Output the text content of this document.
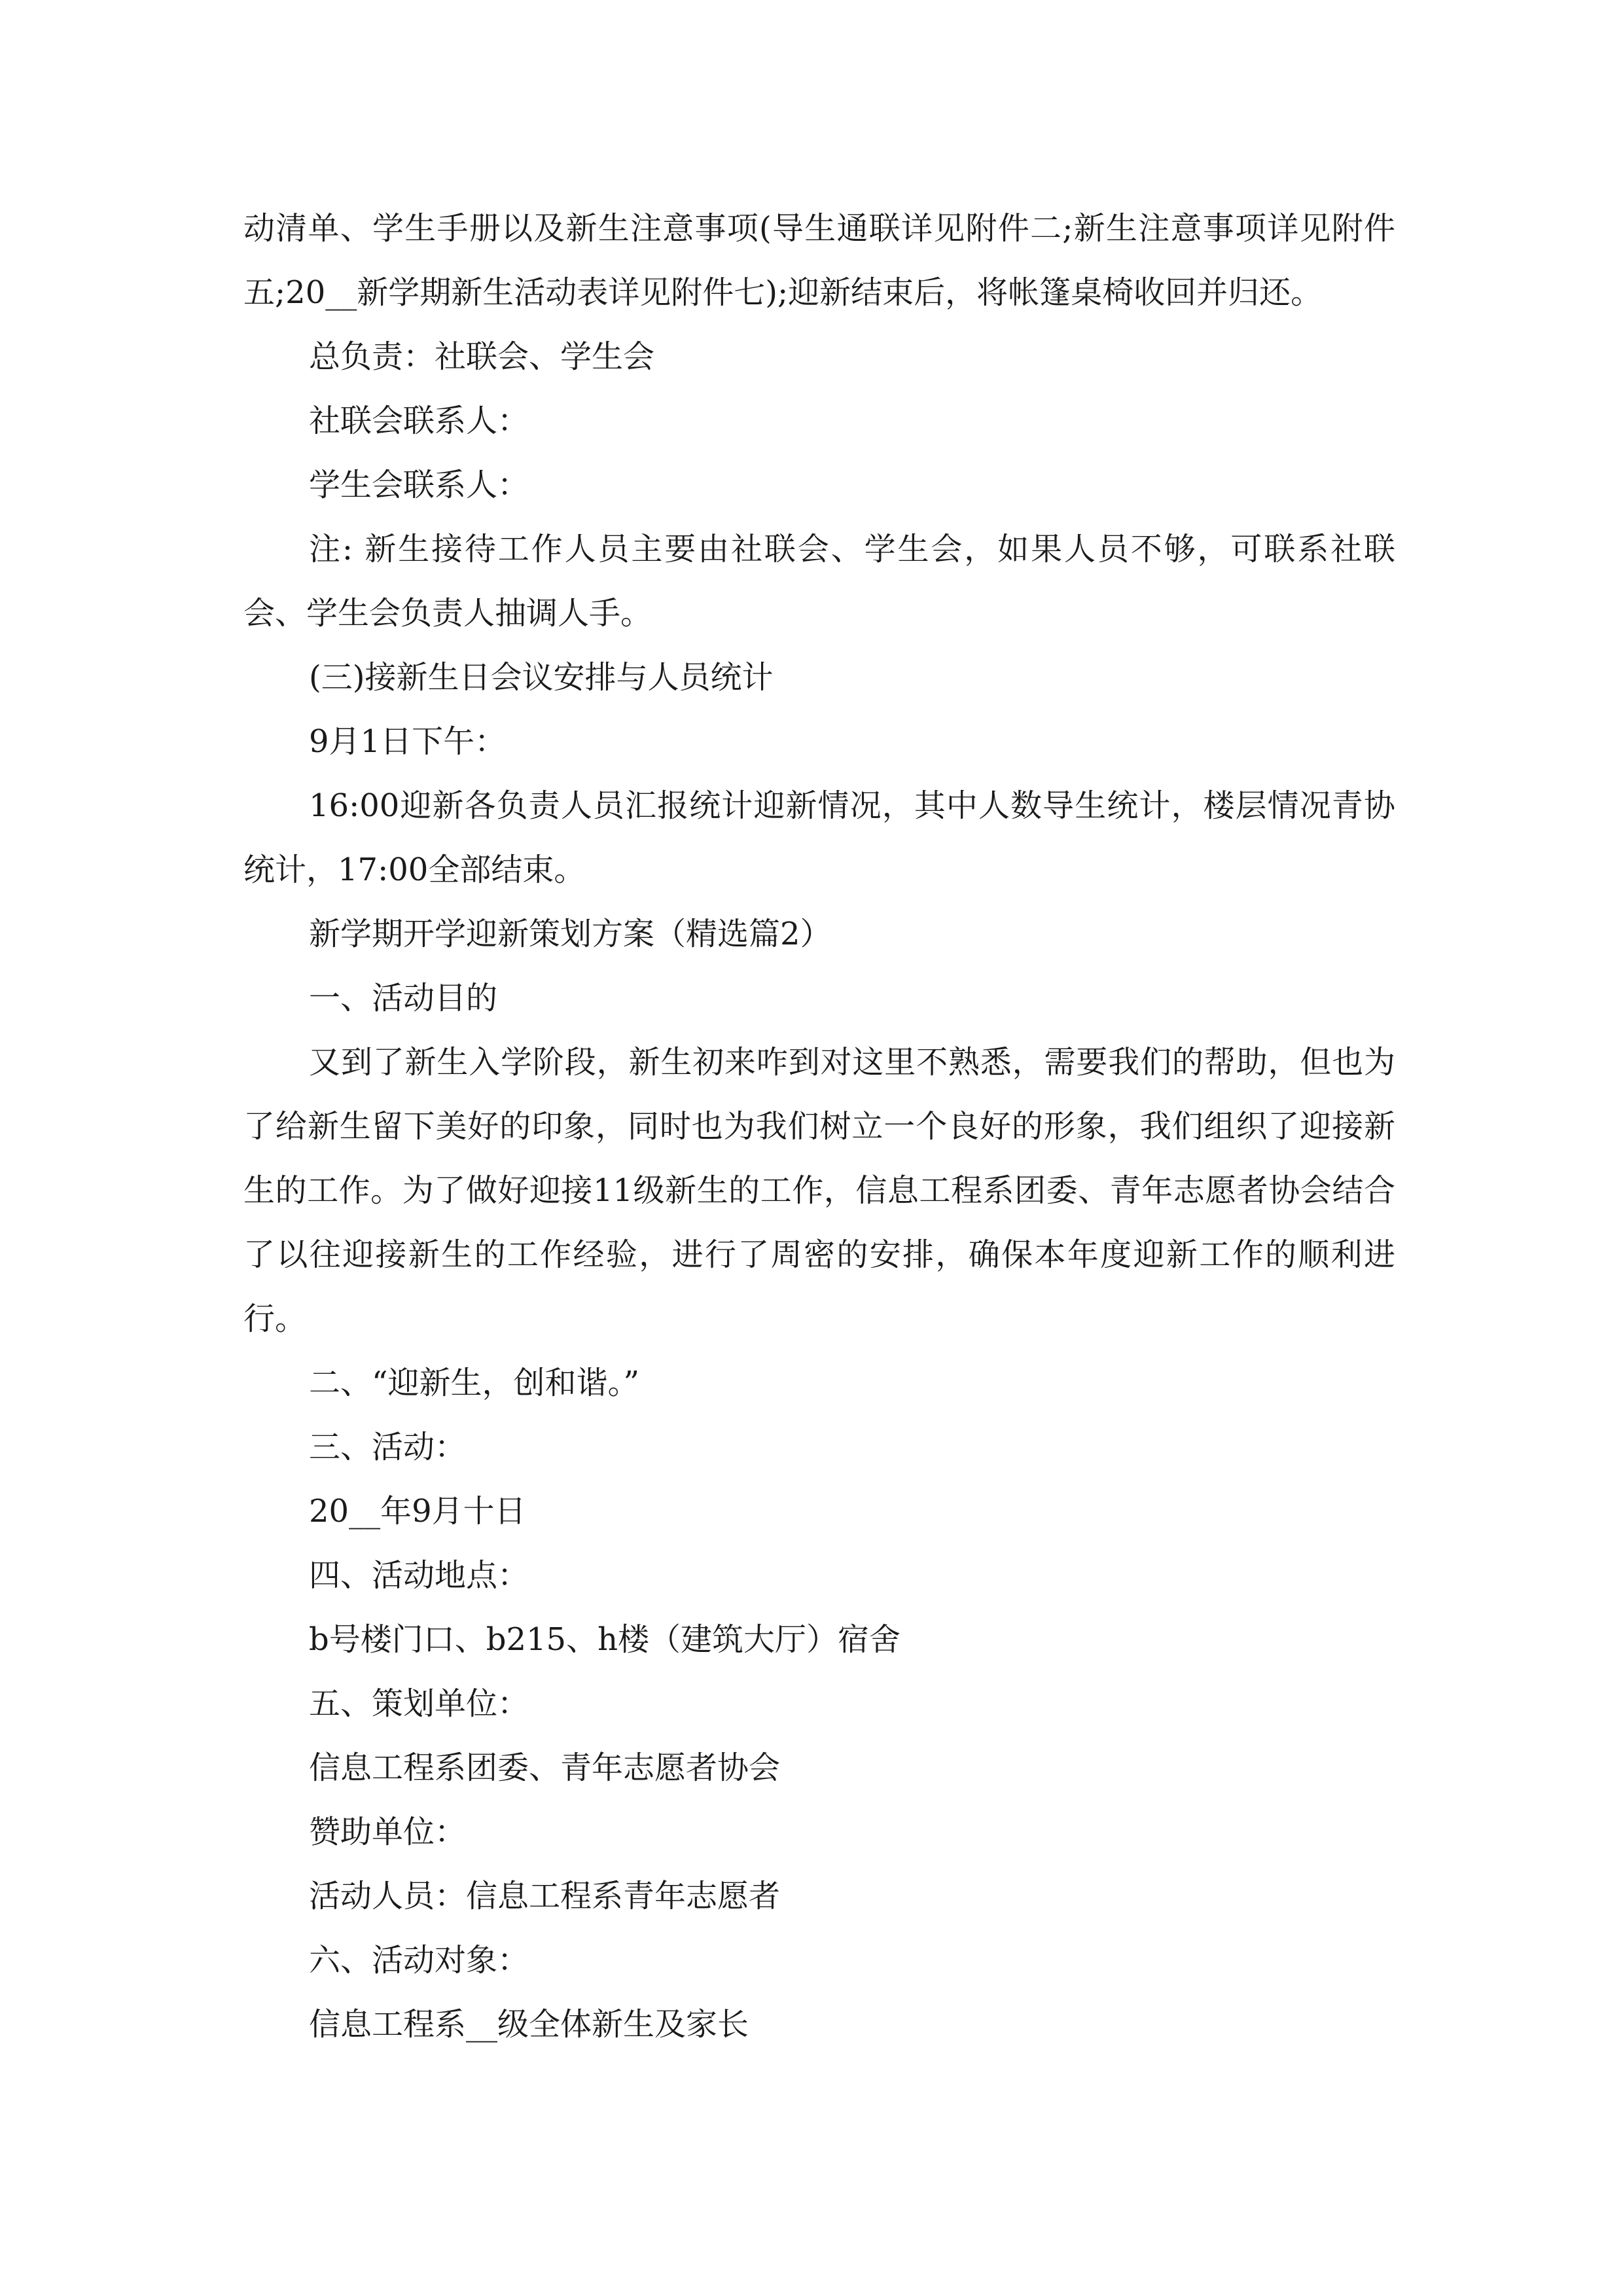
动清单、学生手册以及新生注意事项(导生通联详见附件二;新生注意事项详见附件五;20__新学期新生活动表详见附件七);迎新结束后，将帐篷桌椅收回并归还。

总负责：社联会、学生会

社联会联系人：

学生会联系人：

注: 新生接待工作人员主要由社联会、学生会，如果人员不够，可联系社联会、学生会负责人抽调人手。

(三)接新生日会议安排与人员统计

9月1日下午：

16:00迎新各负责人员汇报统计迎新情况，其中人数导生统计，楼层情况青协统计，17:00全部结束。

新学期开学迎新策划方案（精选篇2）

一、活动目的

又到了新生入学阶段，新生初来咋到对这里不熟悉，需要我们的帮助，但也为了给新生留下美好的印象，同时也为我们树立一个良好的形象，我们组织了迎接新生的工作。为了做好迎接11级新生的工作，信息工程系团委、青年志愿者协会结合了以往迎接新生的工作经验，进行了周密的安排，确保本年度迎新工作的顺利进行。

二、“迎新生，创和谐。”

三、活动：

20__年9月十日

四、活动地点：

b号楼门口、b215、h楼（建筑大厅）宿舍

五、策划单位：

信息工程系团委、青年志愿者协会

赞助单位：

活动人员：信息工程系青年志愿者

六、活动对象：

信息工程系__级全体新生及家长
